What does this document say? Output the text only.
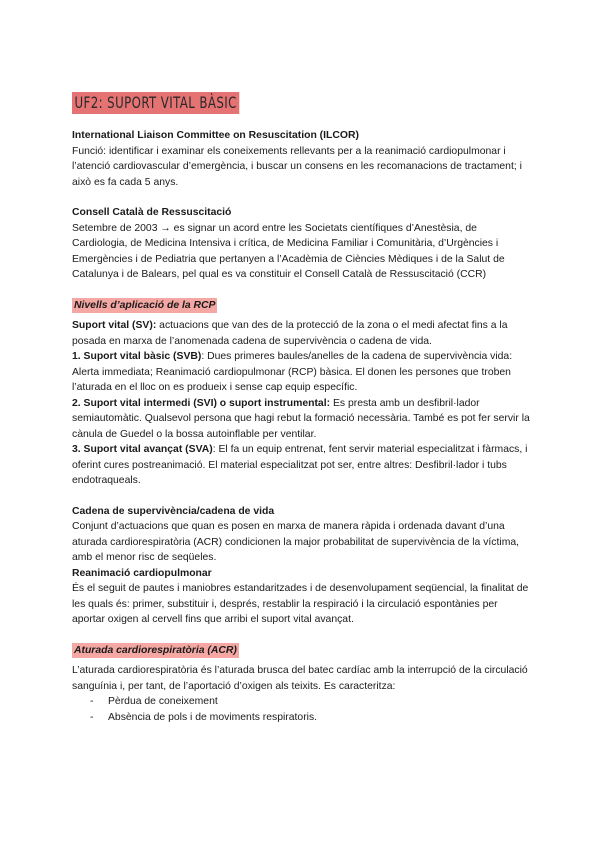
UF2: SUPORT VITAL BÀSIC

International Liaison Committee on Resuscitation (ILCOR)

Funció: identificar i examinar els coneixements rellevants per a la reanimació cardiopulmonar i l’atenció cardiovascular d’emergència, i buscar un consens en les recomanacions de tractament; i això es fa cada 5 anys.

Consell Català de Ressuscitació

Setembre de 2003 → es signar un acord entre les Societats científiques d’Anestèsia, de Cardiologia, de Medicina Intensiva i crítica, de Medicina Familiar i Comunitària, d’Urgències i Emergències i de Pediatria que pertanyen a l’Acadèmia de Ciències Mèdiques i de la Salut de Catalunya i de Balears, pel qual es va constituir el Consell Català de Ressuscitació (CCR)

Nivells d’aplicació de la RCP

Suport vital (SV): actuacions que van des de la protecció de la zona o el medi afectat fins a la posada en marxa de l’anomenada cadena de supervivència o cadena de vida.

1. Suport vital bàsic (SVB): Dues primeres baules/anelles de la cadena de supervivència vida: Alerta immediata; Reanimació cardiopulmonar (RCP) bàsica. El donen les persones que troben l’aturada en el lloc on es produeix i sense cap equip específic.

2. Suport vital intermedi (SVI) o suport instrumental: Es presta amb un desfibril·lador semiautomàtic. Qualsevol persona que hagi rebut la formació necessària. També es pot fer servir la cànula de Guedel o la bossa autoinflable per ventilar.

3. Suport vital avançat (SVA): El fa un equip entrenat, fent servir material especialitzat i fàrmacs, i oferint cures postreanimació. El material especialitzat pot ser, entre altres: Desfibril·lador i tubs endotraqueals.

Cadena de supervivència/cadena de vida

Conjunt d’actuacions que quan es posen en marxa de manera ràpida i ordenada davant d’una aturada cardiorespiratòria (ACR) condicionen la major probabilitat de supervivència de la víctima, amb el menor risc de seqüeles.

Reanimació cardiopulmonar

És el seguit de pautes i maniobres estandaritzades i de desenvolupament seqüencial, la finalitat de les quals és: primer, substituir i, després, restablir la respiració i la circulació espontànies per aportar oxigen al cervell fins que arribi el suport vital avançat.

Aturada cardiorespiratòria (ACR)

L’aturada cardiorespiratòria és l’aturada brusca del batec cardíac amb la interrupció de la circulació sanguínia i, per tant, de l’aportació d’oxigen als teixits. Es caracteritza:

- Pèrdua de coneixement
- Absència de pols i de moviments respiratoris.
